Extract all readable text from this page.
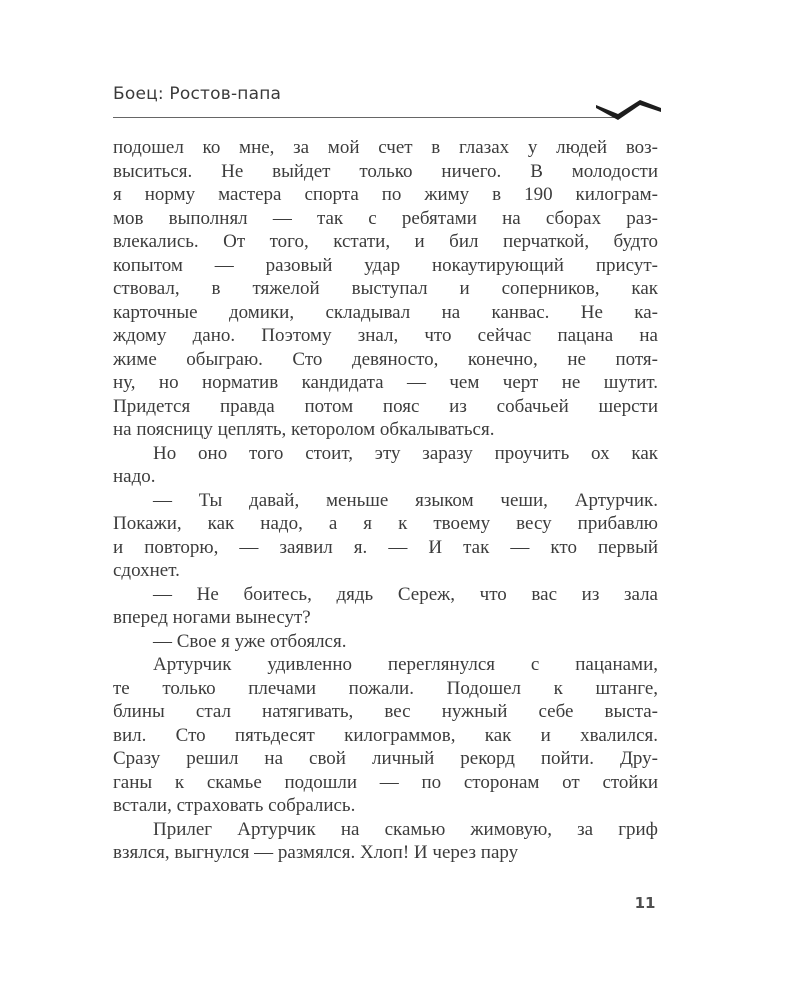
Боец: Ростов-папа
подошел ко мне, за мой счет в глазах у людей воз-
выситься. Не выйдет только ничего. В молодости
я норму мастера спорта по жиму в 190 килограм-
мов выполнял — так с ребятами на сборах раз-
влекались. От того, кстати, и бил перчаткой, будто
копытом — разовый удар нокаутирующий присут-
ствовал, в тяжелой выступал и соперников, как
карточные домики, складывал на канвас. Не ка-
ждому дано. Поэтому знал, что сейчас пацана на
жиме обыграю. Сто девяносто, конечно, не потя-
ну, но норматив кандидата — чем черт не шутит.
Придется правда потом пояс из собачьей шерсти
на поясницу цеплять, кеторолом обкалываться.
Но оно того стоит, эту заразу проучить ох как
надо.
— Ты давай, меньше языком чеши, Артурчик.
Покажи, как надо, а я к твоему весу прибавлю
и повторю, — заявил я. — И так — кто первый
сдохнет.
— Не боитесь, дядь Сереж, что вас из зала
вперед ногами вынесут?
— Свое я уже отбоялся.
Артурчик удивленно переглянулся с пацанами,
те только плечами пожали. Подошел к штанге,
блины стал натягивать, вес нужный себе выста-
вил. Сто пятьдесят килограммов, как и хвалился.
Сразу решил на свой личный рекорд пойти. Дру-
ганы к скамье подошли — по сторонам от стойки
встали, страховать собрались.
Прилег Артурчик на скамью жимовую, за гриф
взялся, выгнулся — размялся. Хлоп! И через пару
11
